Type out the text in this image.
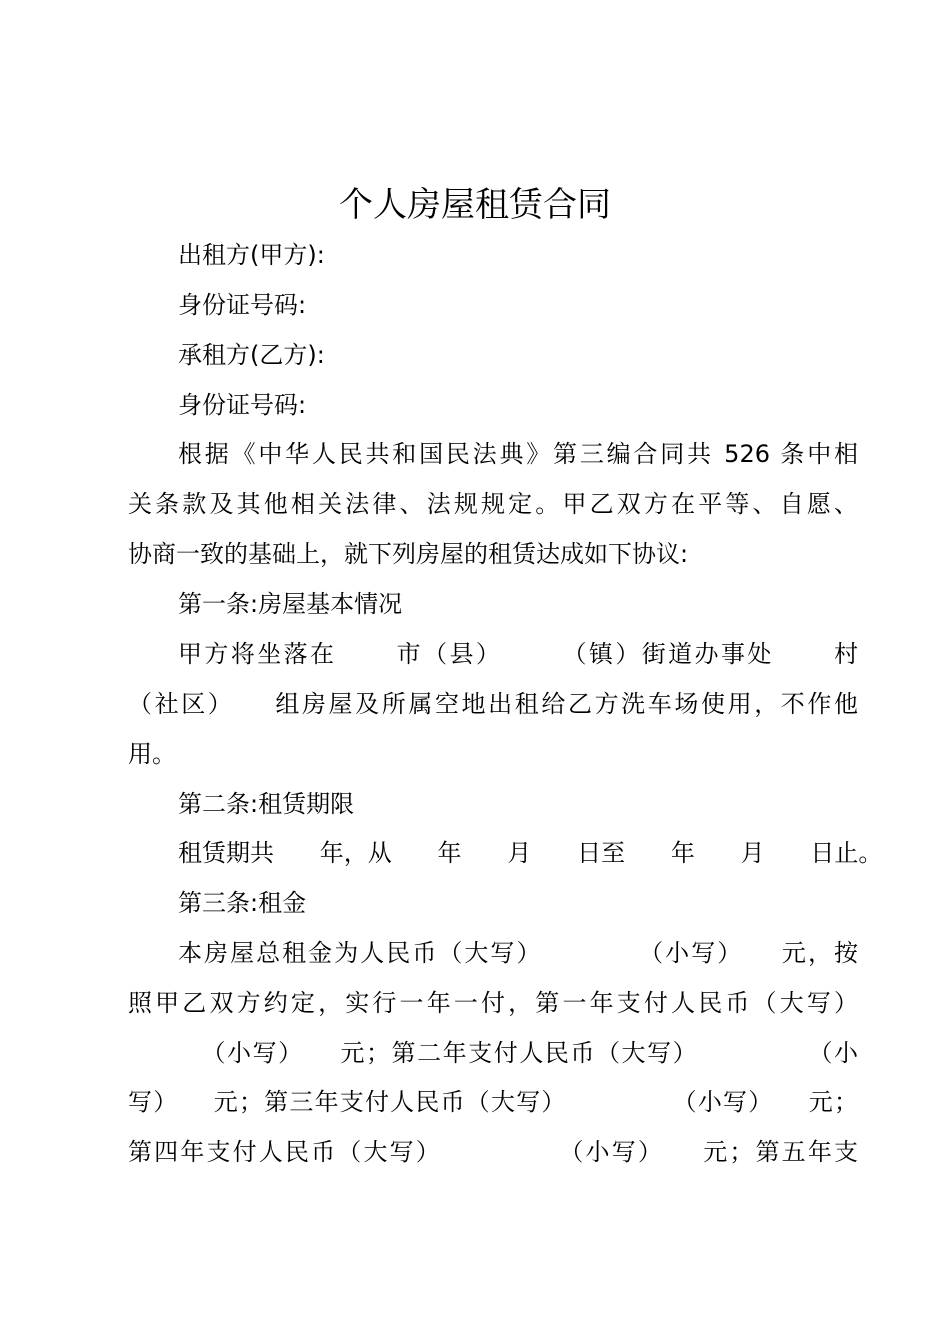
个人房屋租赁合同
出租方(甲方):
身份证号码:
承租方(乙方):
身份证号码:
根据《中华人民共和国民法典》第三编合同共 526 条中相
关条款及其他相关法律、法规规定。甲乙双方在平等、自愿、
协商一致的基础上，就下列房屋的租赁达成如下协议:
第一条:房屋基本情况
甲方将坐落在      市（县）      （镇）街道办事处      村
（社区）    组房屋及所属空地出租给乙方洗车场使用，不作他
用。
第二条:租赁期限
租赁期共      年，从      年      月      日至      年      月      日止。
第三条:租金
本房屋总租金为人民币（大写）          （小写）    元，按
照甲乙双方约定，实行一年一付，第一年支付人民币（大写）
（小写）    元；第二年支付人民币（大写）            （小
写）    元；第三年支付人民币（大写）            （小写）    元；
第四年支付人民币（大写）            （小写）    元；第五年支
